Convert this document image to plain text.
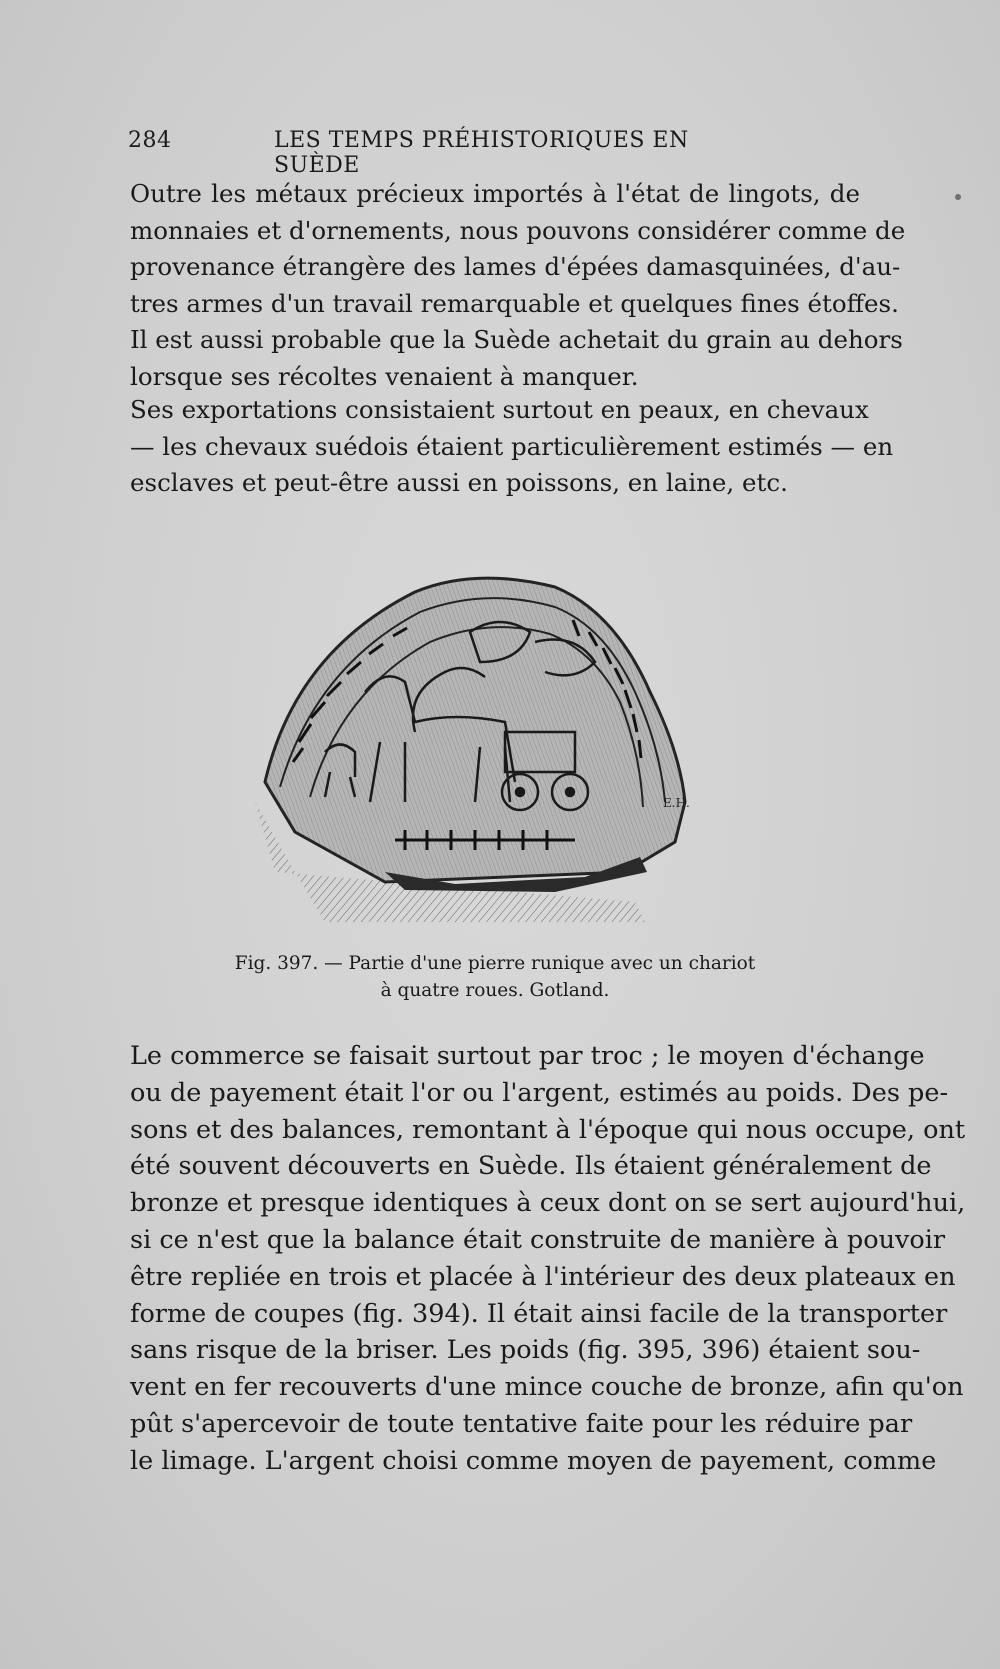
284	LES TEMPS PRÉHISTORIQUES EN SUÈDE
Outre les métaux précieux importés à l'état de lingots, de
monnaies et d'ornements, nous pouvons considérer comme de
provenance étrangère des lames d'épées damasquinées, d'au-
tres armes d'un travail remarquable et quelques fines étoffes.
Il est aussi probable que la Suède achetait du grain au dehors
lorsque ses récoltes venaient à manquer.
Ses exportations consistaient surtout en peaux, en chevaux
— les chevaux suédois étaient particulièrement estimés — en
esclaves et peut-être aussi en poissons, en laine, etc.
E.H.
Fig. 397. — Partie d'une pierre runique avec un chariot
à quatre roues. Gotland.
Le commerce se faisait surtout par troc ; le moyen d'échange
ou de payement était l'or ou l'argent, estimés au poids. Des pe-
sons et des balances, remontant à l'époque qui nous occupe, ont
été souvent découverts en Suède. Ils étaient généralement de
bronze et presque identiques à ceux dont on se sert aujourd'hui,
si ce n'est que la balance était construite de manière à pouvoir
être repliée en trois et placée à l'intérieur des deux plateaux en
forme de coupes (fig. 394). Il était ainsi facile de la transporter
sans risque de la briser. Les poids (fig. 395, 396) étaient sou-
vent en fer recouverts d'une mince couche de bronze, afin qu'on
pût s'apercevoir de toute tentative faite pour les réduire par
le limage. L'argent choisi comme moyen de payement, comme
